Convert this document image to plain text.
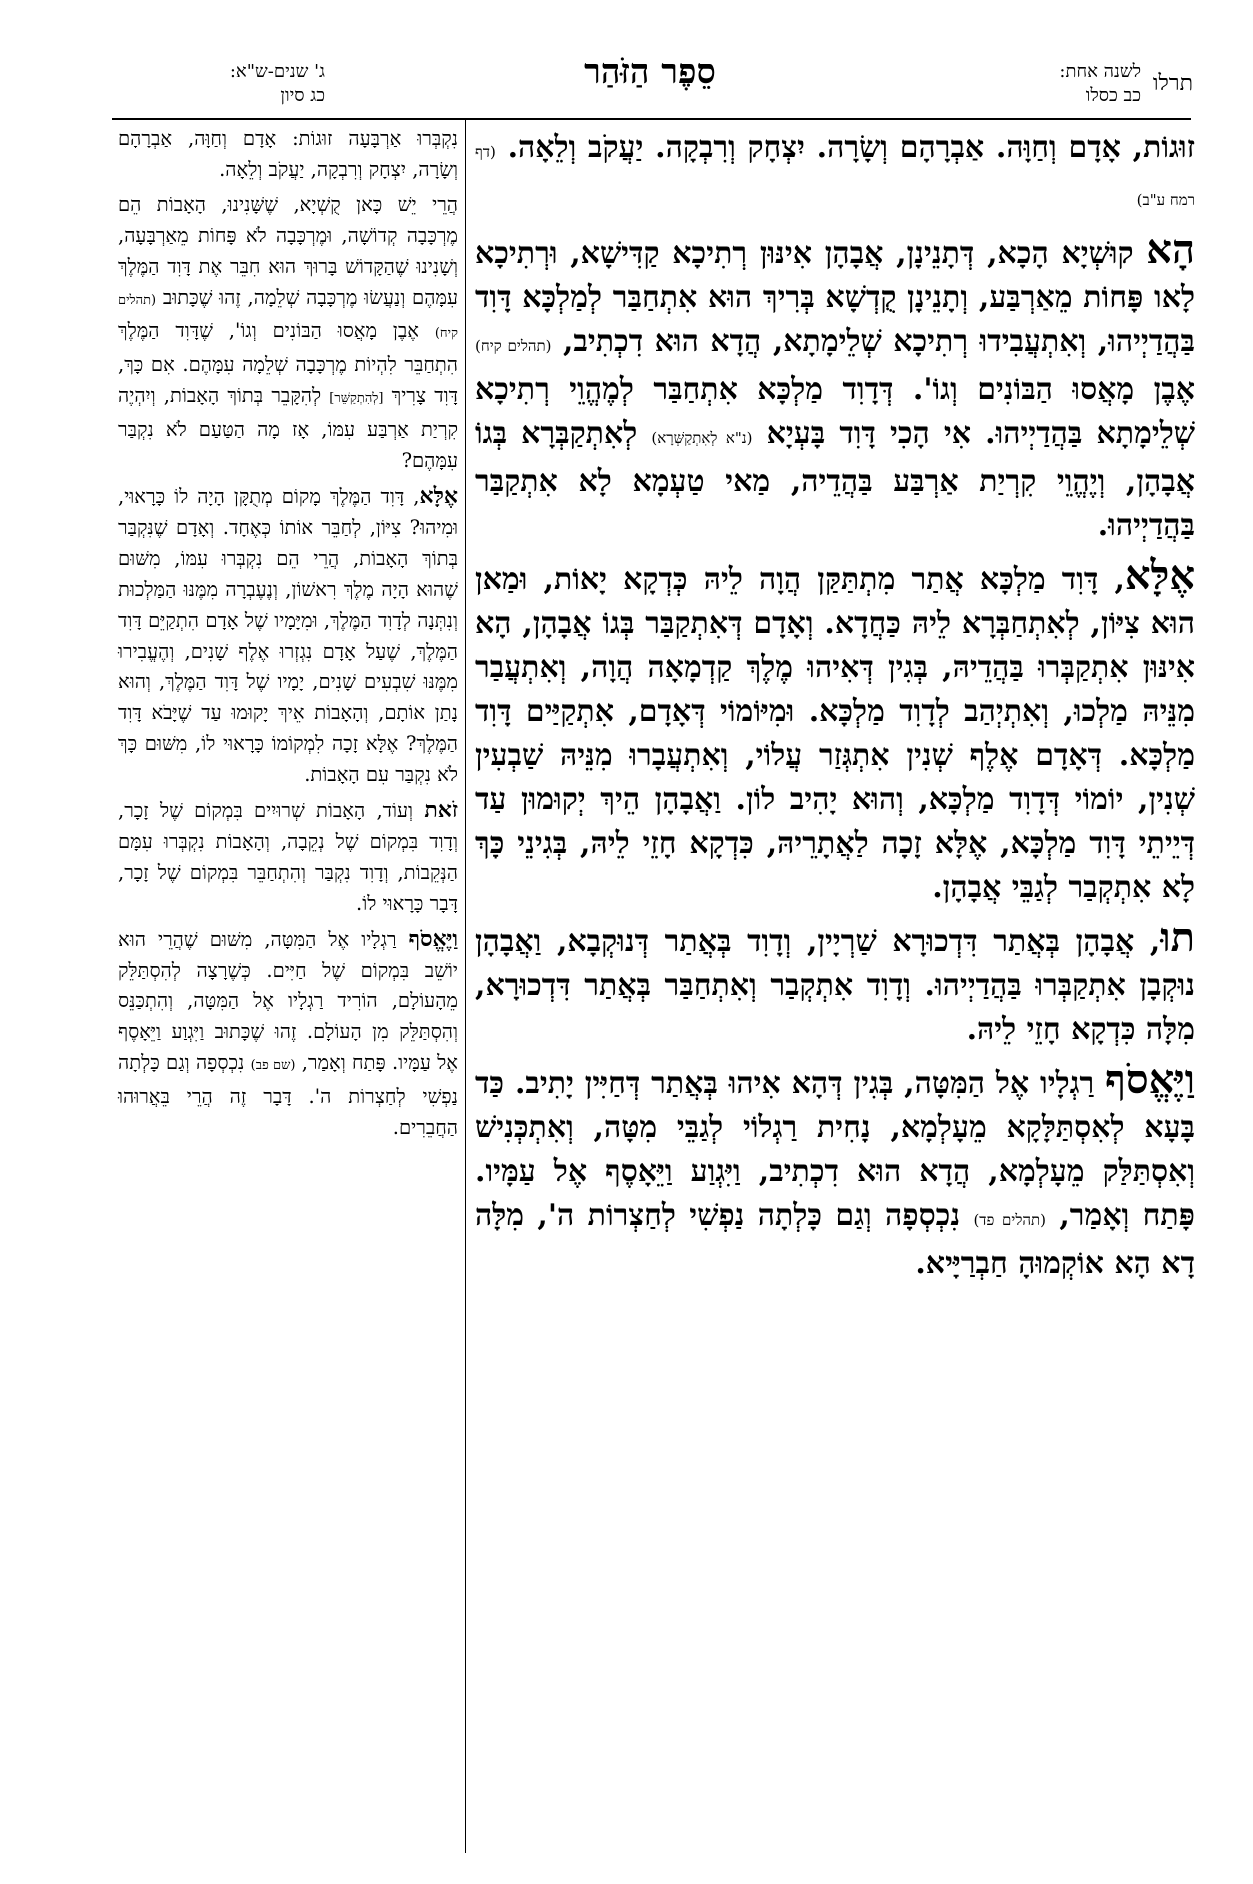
תרלו
לשנה אחת:
כב כסלו
סֵפֶר הַזֹּהַר
ג' שנים-ש"א:
כג סיון

זוּגוֹת, אָדָם וְחַוָּה. אַבְרָהָם וְשָׂרָה. יִצְחָק וְרִבְקָה. יַעֲקֹב וְלֵאָה. (דף רמח ע"ב)

הָא קוּשְׁיָא הָכָא, דְּתָנֵינָן, אֲבָהָן אִינּוּן רְתִיכָא קַדִּישָׁא, וּרְתִיכָא לָאו פָּחוֹת מֵאַרְבַּע, וְתָנֵינָן קֻדְשָׁא בְּרִיךְ הוּא אִתְחַבַּר לְמַלְכָּא דָּוִד בַּהֲדַיְיהוּ, וְאִתְעֲבִידוּ רְתִיכָא שְׁלֵימָתָא, הֲדָא הוּא דִכְתִיב, (תהלים קיח) אֶבֶן מָאֲסוּ הַבּוֹנִים וְגוֹ'. דְּדָוִד מַלְכָּא אִתְחַבַּר לְמֶהֱוֵי רְתִיכָא שְׁלֵימָתָא בַּהֲדַיְיהוּ. אִי הָכִי דָּוִד בָּעְיָא (נ"א לְאִתְקַשְּׁרָא) לְאִתְקַבְּרָא בְּגוֹ אֲבָהָן, וְיֶהֱוֵי קִרְיַת אַרְבַּע בַּהֲדֵיה, מַאי טַעְמָא לָא אִתְקַבַּר בַּהֲדַיְיהוּ.

אֶלָּא, דָּוִד מַלְכָּא אֲתַר מִתְתַּקַּן הֲוָה לֵיהּ כְּדְקָא יָאוֹת, וּמַאן הוּא צִיּוֹן, לְאִתְחַבְּרָא לֵיהּ כַּחֲדָא. וְאָדָם דְּאִתְקַבַּר בְּגוֹ אֲבָהָן, הָא אִינּוּן אִתְקַבְּרוּ בַּהֲדֵיהּ, בְּגִין דְּאִיהוּ מֶלֶךְ קַדְמָאָה הֲוָה, וְאִתְעֲבַר מִנֵּיהּ מַלְכוּ, וְאִתְיְהַב לְדָוִד מַלְכָּא. וּמִיּוֹמוֹי דְּאָדָם, אִתְקַיַּים דָּוִד מַלְכָּא. דְּאָדָם אֶלֶף שְׁנִין אִתְגְּזַר עֲלוֹי, וְאִתְעֲבָרוּ מִנֵּיהּ שַׁבְעִין שְׁנִין, יוֹמוֹי דְּדָוִד מַלְכָּא, וְהוּא יָהִיב לוֹן. וַאֲבָהָן הֵיךְ יְקוּמוּן עַד דְּיֵיתֵי דָּוִד מַלְכָּא, אֶלָּא זָכָה לַאֲתָרֵיהּ, כִּדְקָא חָזֵי לֵיהּ, בְּגִינֵי כָּךְ לָא אִתְקְבַר לְגַבֵּי אֲבָהָן.

תוּ, אֲבָהָן בְּאֲתַר דִּדְכוּרָא שַׁרְיָין, וְדָוִד בְּאֲתַר דְּנוּקְבָא, וַאֲבָהָן נוּקְבָן אִתְקַבְּרוּ בַּהֲדַיְיהוּ. וְדָוִד אִתְקְבַר וְאִתְחַבַּר בְּאֲתַר דִּדְכוּרָא, מִלָּה כִּדְקָא חָזֵי לֵיהּ.

וַיֶּאֱסֹף רַגְלָיו אֶל הַמִּטָּה, בְּגִין דְּהָא אִיהוּ בְּאֲתַר דְּחַיִּין יָתִיב. כַּד בָּעָא לְאִסְתַּלָּקָא מֵעָלְמָא, נָחִית רַגְלוֹי לְגַבֵּי מִטָּה, וְאִתְכְּנִישׁ וְאִסְתַּלַּק מֵעָלְמָא, הֲדָא הוּא דִכְתִיב, וַיִּגְוַע וַיֵּאָסֶף אֶל עַמָּיו. פָּתַח וְאָמַר, (תהלים פד) נִכְסְפָה וְגַם כָּלְתָה נַפְשִׁי לְחַצְרוֹת ה', מִלָּה דָא הָא אוֹקְמוּהָ חַבְרַיָּיא.

נִקְבְּרוּ אַרְבָּעָה זוּגוֹת: אָדָם וְחַוָּה, אַבְרָהָם וְשָׂרָה, יִצְחָק וְרִבְקָה, יַעֲקֹב וְלֵאָה.

הֲרֵי יֵשׁ כָּאן קֻשְׁיָא, שֶׁשָּׁנִינוּ, הָאָבוֹת הֵם מֶרְכָּבָה קְדוֹשָׁה, וּמֶרְכָּבָה לֹא פָּחוֹת מֵאַרְבָּעָה, וְשָׁנִינוּ שֶׁהַקָּדוֹשׁ בָּרוּךְ הוּא חִבֵּר אֶת דָּוִד הַמֶּלֶךְ עִמָּהֶם וְנַעֲשׂוּ מֶרְכָּבָה שְׁלֵמָה, זֶהוּ שֶׁכָּתוּב (תהלים קיח) אֶבֶן מָאֲסוּ הַבּוֹנִים וְגוֹ', שֶׁדָּוִד הַמֶּלֶךְ הִתְחַבֵּר לִהְיוֹת מֶרְכָּבָה שְׁלֵמָה עִמָּהֶם. אִם כָּךְ, דָּוִד צָרִיךְ [לְהִתְקַשֵּׁר] לְהִקָּבֵר בְּתוֹךְ הָאָבוֹת, וְיִהְיֶה קִרְיַת אַרְבַּע עִמּוֹ, אָז מָה הַטַּעַם לֹא נִקְבַּר עִמָּהֶם?

אֶלָּא, דָּוִד הַמֶּלֶךְ מָקוֹם מְתֻקָּן הָיָה לוֹ כָּרָאוּי, וּמִיהוּ? צִיּוֹן, לְחַבֵּר אוֹתוֹ כְּאֶחָד. וְאָדָם שֶׁנִּקְבַּר בְּתוֹךְ הָאָבוֹת, הֲרֵי הֵם נִקְבְּרוּ עִמּוֹ, מִשּׁוּם שֶׁהוּא הָיָה מֶלֶךְ רִאשׁוֹן, וְנֶעֶבְרָה מִמֶּנּוּ הַמַּלְכוּת וְנִתְּנָה לְדָוִד הַמֶּלֶךְ, וּמִיָּמָיו שֶׁל אָדָם הִתְקַיֵּם דָּוִד הַמֶּלֶךְ, שֶׁעַל אָדָם נִגְזְרוּ אֶלֶף שָׁנִים, וְהֶעֱבִירוּ מִמֶּנּוּ שִׁבְעִים שָׁנִים, יָמָיו שֶׁל דָּוִד הַמֶּלֶךְ, וְהוּא נָתַן אוֹתָם, וְהָאָבוֹת אֵיךְ יָקוּמוּ עַד שֶׁיָּבֹא דָּוִד הַמֶּלֶךְ? אֶלָּא זָכָה לִמְקוֹמוֹ כָּרָאוּי לוֹ, מִשּׁוּם כָּךְ לֹא נִקְבַּר עִם הָאָבוֹת.

זֹאת וְעוֹד, הָאָבוֹת שְׁרוּיִים בִּמְקוֹם שֶׁל זָכָר, וְדָוִד בִּמְקוֹם שֶׁל נְקֵבָה, וְהָאָבוֹת נִקְבְּרוּ עִמָּם הַנְּקֵבוֹת, וְדָוִד נִקְבַּר וְהִתְחַבֵּר בִּמְקוֹם שֶׁל זָכָר, דָּבָר כָּרָאוּי לוֹ.

וַיֶּאֱסֹף רַגְלָיו אֶל הַמִּטָּה, מִשּׁוּם שֶׁהֲרֵי הוּא יוֹשֵׁב בִּמְקוֹם שֶׁל חַיִּים. כְּשֶׁרָצָה לְהִסְתַּלֵּק מֵהָעוֹלָם, הוֹרִיד רַגְלָיו אֶל הַמִּטָּה, וְהִתְכַּנֵּס וְהִסְתַּלֵּק מִן הָעוֹלָם. זֶהוּ שֶׁכָּתוּב וַיִּגְוַע וַיֵּאָסֶף אֶל עַמָּיו. פָּתַח וְאָמַר, (שם פב) נִכְסְפָה וְגַם כָּלְתָה נַפְשִׁי לְחַצְרוֹת ה'. דָּבָר זֶה הֲרֵי בֵּאֲרוּהוּ הַחֲבֵרִים.
